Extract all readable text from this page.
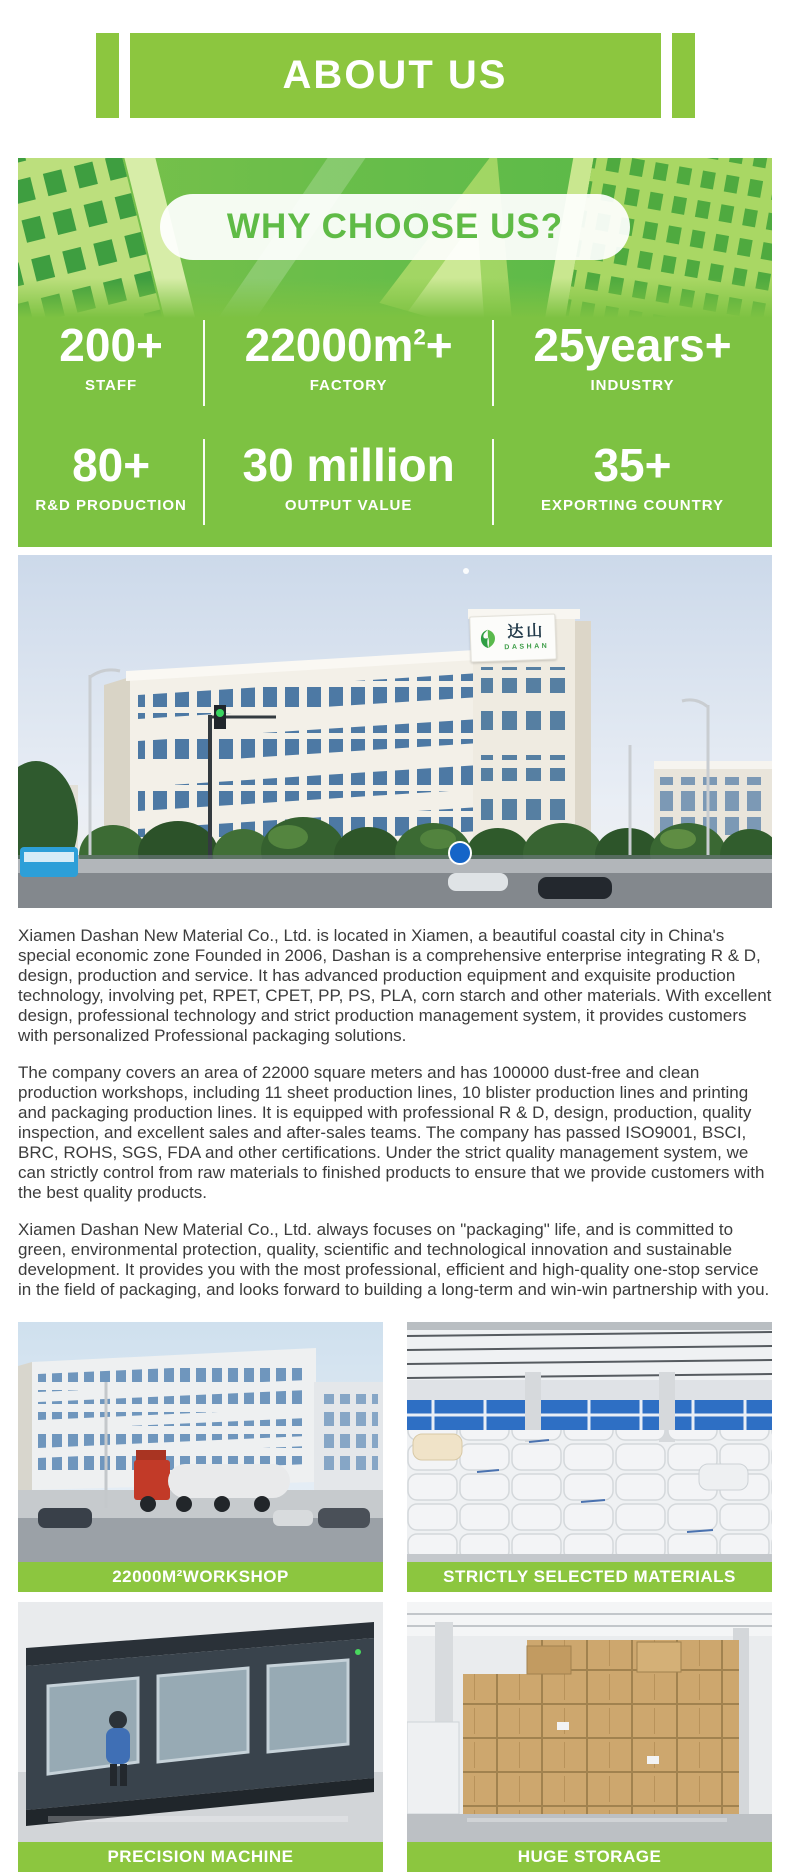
ABOUT US
WHY CHOOSE US?
200+
STAFF
$22000m^2+$
FACTORY
25years+
INDUSTRY
80+
R&D PRODUCTION
30 million
OUTPUT VALUE
35+
EXPORTING COUNTRY
达山
DASHAN

Xiamen Dashan New Material Co., Ltd. is located in Xiamen, a beautiful coastal city in China's special economic zone Founded in 2006, Dashan is a comprehensive enterprise integrating R & D, design, production and service. It has advanced production equipment and exquisite production technology, involving pet, RPET, CPET, PP, PS, PLA, corn starch and other materials. With excellent design, professional technology and strict production management system, it provides customers with personalized Professional packaging solutions.

The company covers an area of 22000 square meters and has 100000 dust-free and clean production workshops, including 11 sheet production lines, 10 blister production lines and printing and packaging production lines. It is equipped with professional R & D, design, production, quality inspection, and excellent sales and after-sales teams. The company has passed ISO9001, BSCI, BRC, ROHS, SGS, FDA and other certifications. Under the strict quality management system, we can strictly control from raw materials to finished products to ensure that we provide customers with the best quality products.

Xiamen Dashan New Material Co., Ltd. always focuses on "packaging" life, and is committed to green, environmental protection, quality, scientific and technological innovation and sustainable development. It provides you with the most professional, efficient and high-quality one-stop service in the field of packaging, and looks forward to building a long-term and win-win partnership with you.

22000M²WORKSHOP	STRICTLY SELECTED MATERIALS
PRECISION MACHINE	HUGE STORAGE
